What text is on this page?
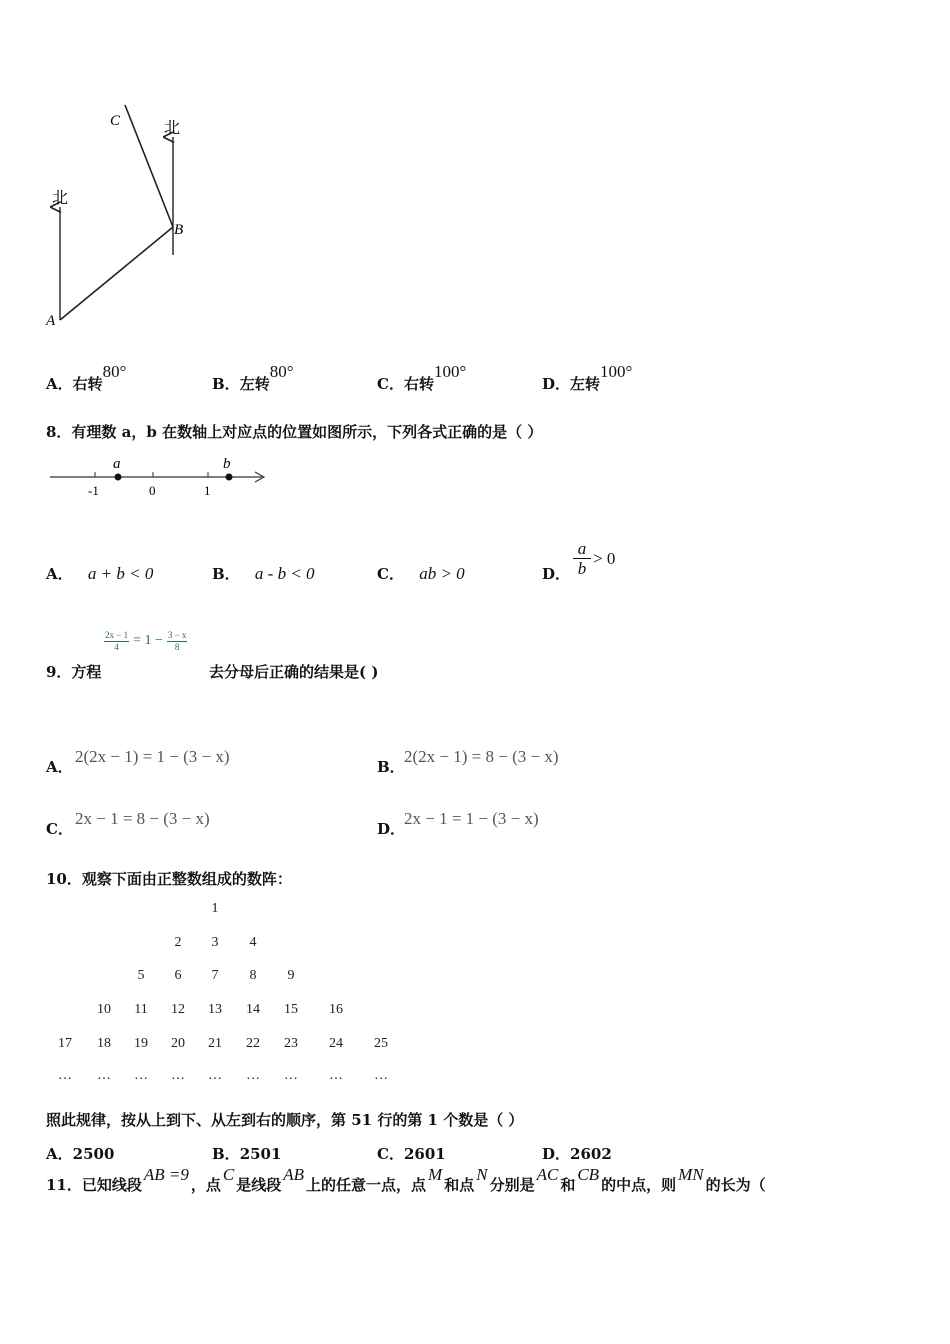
A
B
C
北
北
A．右转80°
B．左转80°
C．右转100°
D．左转100°
8．有理数 a，b 在数轴上对应点的位置如图所示，下列各式正确的是（ ）
a	b
-1	0	1
A． a + b < 0	B． a - b < 0	C． ab > 0	D． $\frac{a}{b} > 0$
9．方程
$\frac{2x - 1}{4} = 1 - \frac{3 - x}{8}$
去分母后正确的结果是( )
A．
2(2x − 1) = 1 − (3 − x)
B．
2(2x − 1) = 8 − (3 − x)
C．
2x − 1 = 8 − (3 − x)
D．
2x − 1 = 1 − (3 − x)
10．观察下面由正整数组成的数阵：
1
2	3	4
5	6	7	8	9
10	11	12	13	14	15	16
17	18	19	20	21	22	23	24	25
…	…	…	…	…	…	…	…	…
照此规律，按从上到下、从左到右的顺序，第 51 行的第 1 个数是（ ）
A．2500	B．2501	C．2601	D．2602
11．已知线段AB =9，点C是线段AB上的任意一点，点M和点N分别是AC和CB的中点，则MN的长为（
